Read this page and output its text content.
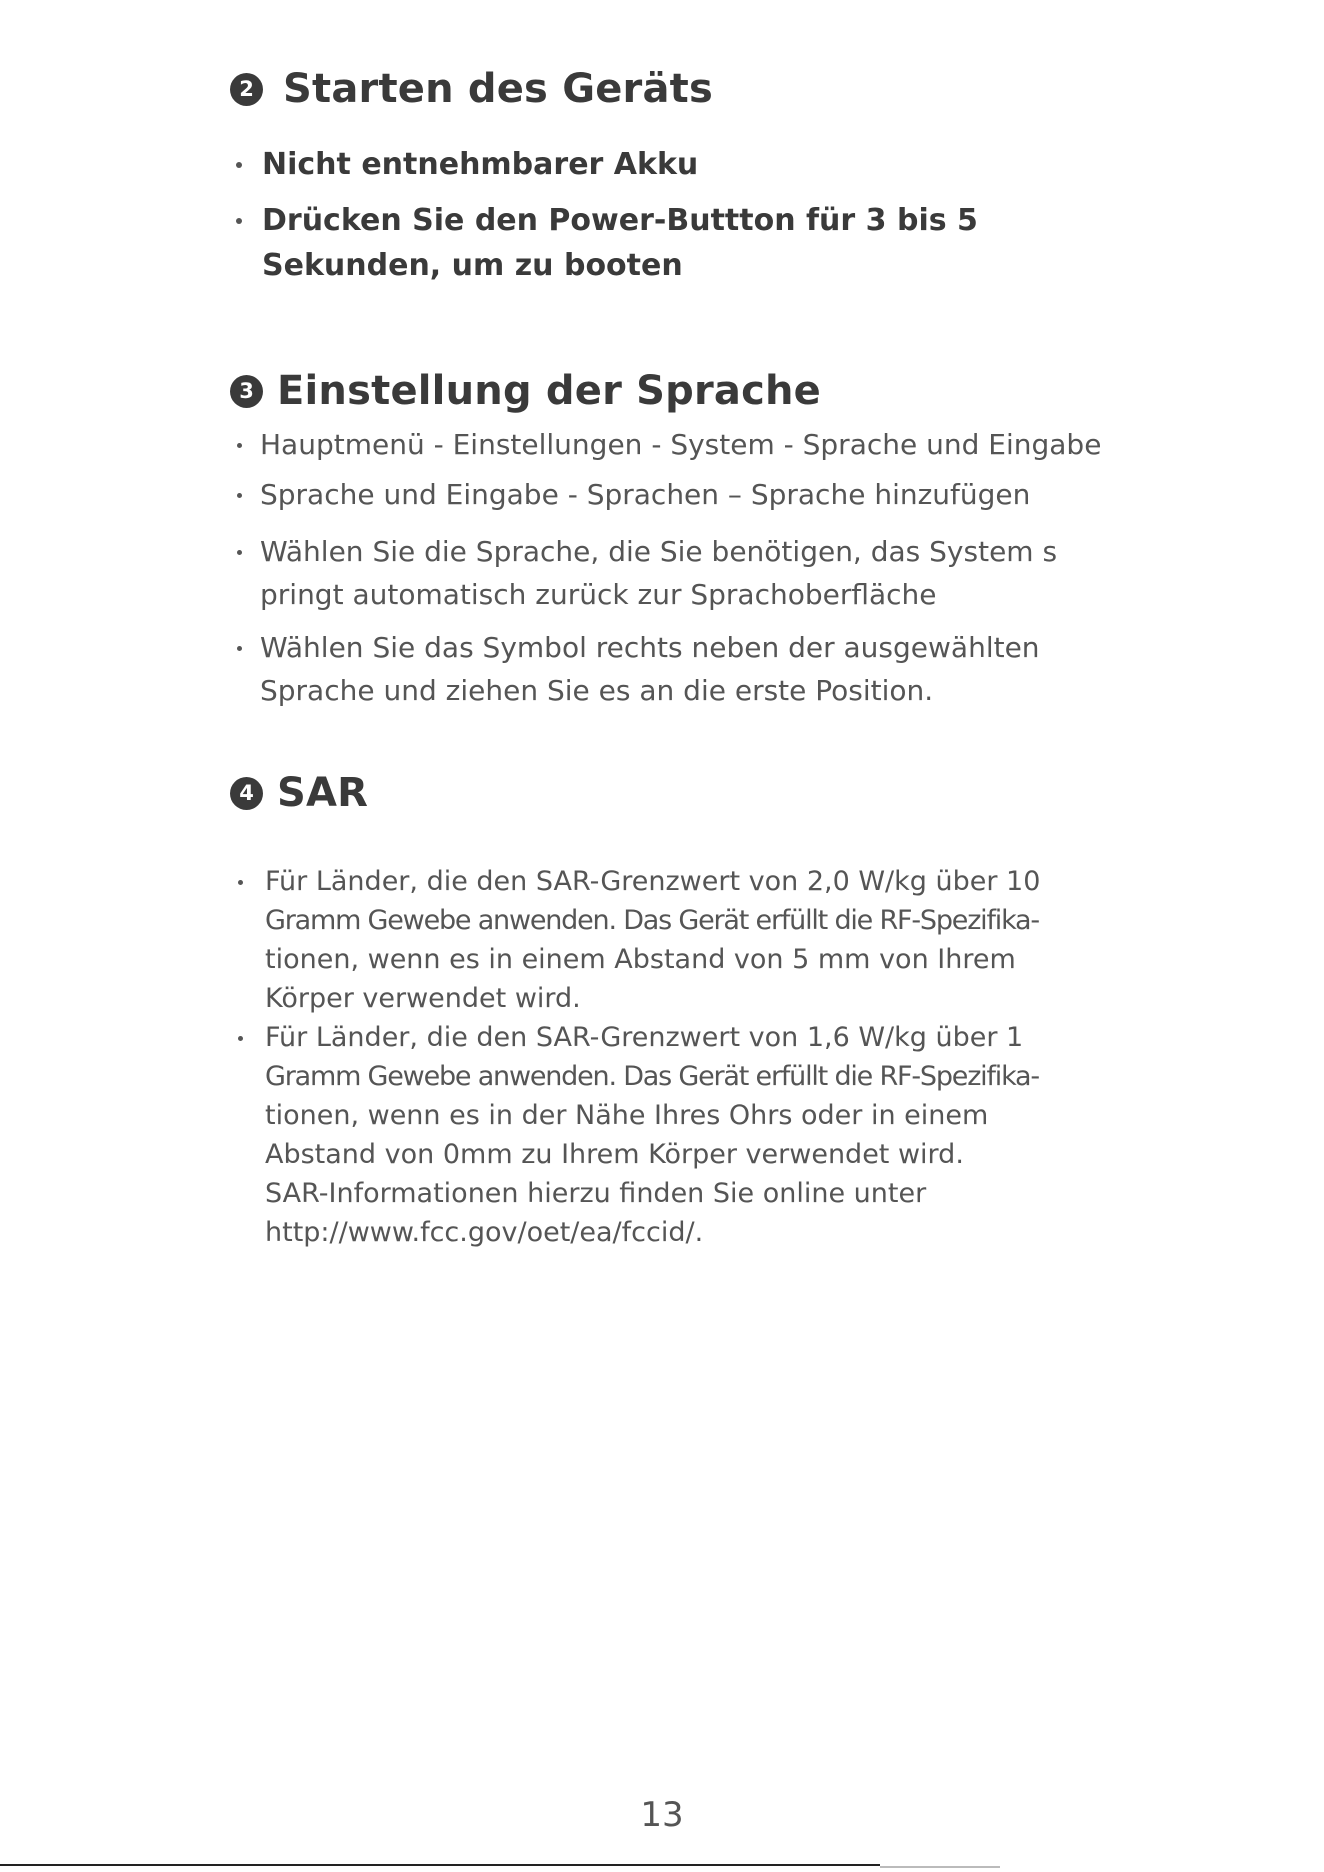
2 Starten des Geräts
Nicht entnehmbarer Akku
Drücken Sie den Power-Buttton für 3 bis 5
Sekunden, um zu booten
3 Einstellung der Sprache
Hauptmenü - Einstellungen - System - Sprache und Eingabe
Sprache und Eingabe - Sprachen – Sprache hinzufügen
Wählen Sie die Sprache, die Sie benötigen, das System s
pringt automatisch zurück zur Sprachoberfläche
Wählen Sie das Symbol rechts neben der ausgewählten
Sprache und ziehen Sie es an die erste Position.
4 SAR
Für Länder, die den SAR-Grenzwert von 2,0 W/kg über 10
Gramm Gewebe anwenden. Das Gerät erfüllt die RF-Spezifika-
tionen, wenn es in einem Abstand von 5 mm von Ihrem
Körper verwendet wird.
Für Länder, die den SAR-Grenzwert von 1,6 W/kg über 1
Gramm Gewebe anwenden. Das Gerät erfüllt die RF-Spezifika-
tionen, wenn es in der Nähe Ihres Ohrs oder in einem
Abstand von 0mm zu Ihrem Körper verwendet wird.
SAR-Informationen hierzu finden Sie online unter
http://www.fcc.gov/oet/ea/fccid/.
13
